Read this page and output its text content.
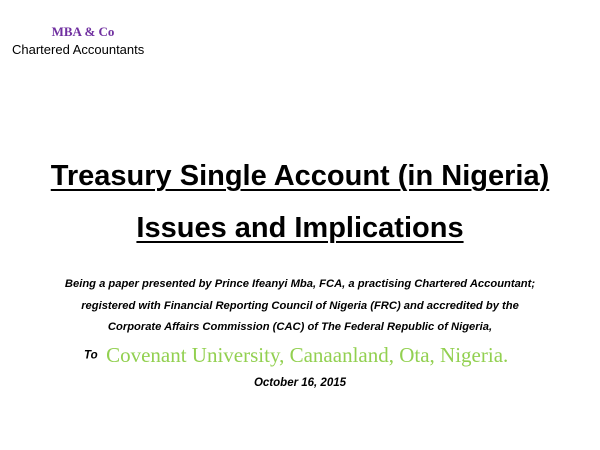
MBA & Co
Chartered Accountants
Treasury Single Account (in Nigeria)
Issues and Implications
Being a paper presented by Prince Ifeanyi Mba, FCA, a practising Chartered Accountant;
registered with Financial Reporting Council of Nigeria (FRC) and accredited by the
Corporate Affairs Commission (CAC) of The Federal Republic of Nigeria,
To Covenant University, Canaanland, Ota, Nigeria.
October 16, 2015
